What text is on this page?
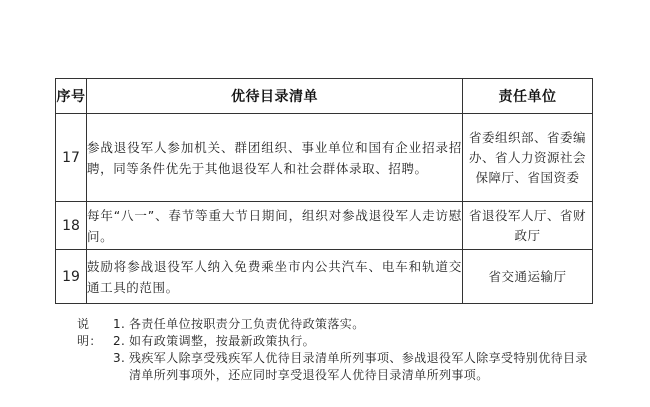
序号	优待目录清单	责任单位
17	参战退役军人参加机关、群团组织、事业单位和国有企业招录招聘，同等条件优先于其他退役军人和社会群体录取、招聘。	省委组织部、省委编
办、省人力资源社会
保障厅、省国资委

18	每年“八一”、春节等重大节日期间，组织对参战退役军人走访慰问。	省退役军人厅、省财
政厅

19	鼓励将参战退役军人纳入免费乘坐市内公共汽车、电车和轨道交通工具的范围。	省交通运输厅
说明：
1. 各责任单位按职责分工负责优待政策落实。
2. 如有政策调整，按最新政策执行。
3. 残疾军人除享受残疾军人优待目录清单所列事项、参战退役军人除享受特别优待目录清单所列事项外，还应同时享受退役军人优待目录清单所列事项。
